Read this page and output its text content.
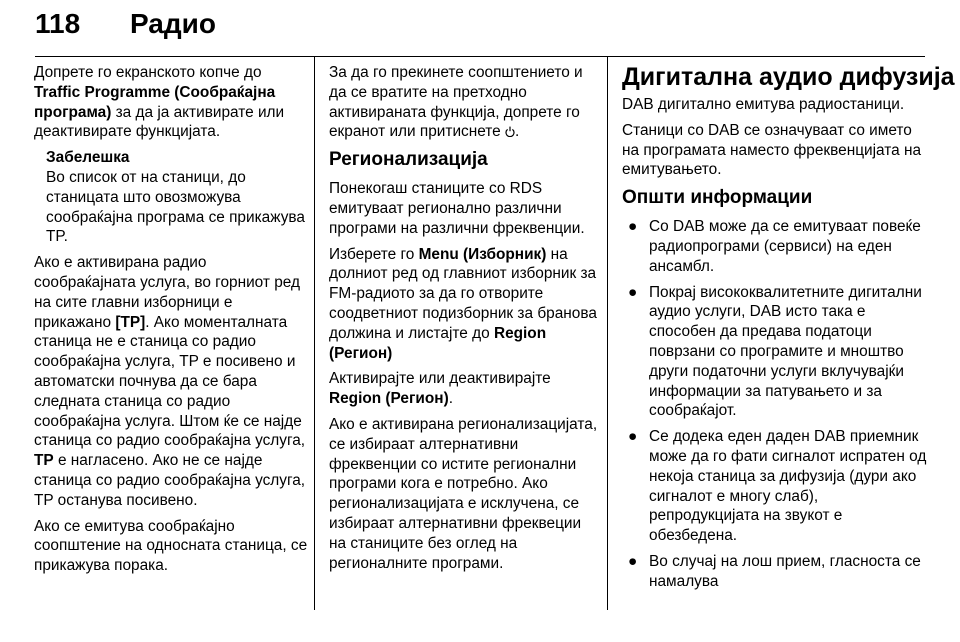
118 Радио

Допрете го екранското копче до Traffic Programme (Сообраќајна програма) за да ја активирате или деактивирате функцијата.

Забелешка
Во список от на станици, до станицата што овозможува сообраќајна програма се прикажува TP.

Ако е активирана радио сообраќајната услуга, во горниот ред на сите главни изборници е прикажано [TP]. Ако моменталната станица не е станица со радио сообраќајна услуга, TP е посивено и автоматски почнува да се бара следната станица со радио сообраќајна услуга. Штом ќе се најде станица со радио сообраќајна услуга, TP е нагласено. Ако не се најде станица со радио сообраќајна услуга, TP останува посивено.

Ако се емитува сообраќајно соопштение на односната станица, се прикажува порака.

За да го прекинете соопштението и да се вратите на претходно активираната функција, допрете го екранот или притиснете .

Регионализација

Понекогаш станиците со RDS емитуваат регионално различни програми на различни фреквенции.

Изберете го Menu (Изборник) на долниот ред од главниот изборник за FM-радиото за да го отворите соодветниот подизборник за бранова должина и листајте до Region (Регион)

Активирајте или деактивирајте Region (Регион).

Ако е активирана регионализацијата, се избираат алтернативни фреквенции со истите регионални програми кога е потребно. Ако регионализацијата е исклучена, се избираат алтернативни фреквеции на станиците без оглед на регионалните програми.

Дигитална аудио дифузија

DAB дигитално емитува радиостаници.

Станици со DAB се означуваат со името на програмата наместо фреквенцијата на емитувањето.

Општи информации
● Со DAB може да се емитуваат повеќе радиопрограми (сервиси) на еден ансамбл.
● Покрај висококвалитетните дигитални аудио услуги, DAB исто така е способен да предава податоци поврзани со програмите и мноштво други податочни услуги вклучувајќи информации за патувањето и за сообраќајот.
● Се додека еден даден DAB приемник може да го фати сигналот испратен од некоја станица за дифузија (дури ако сигналот е многу слаб), репродукцијата на звукот е обезбедена.
● Во случај на лош прием, гласноста се намалува
